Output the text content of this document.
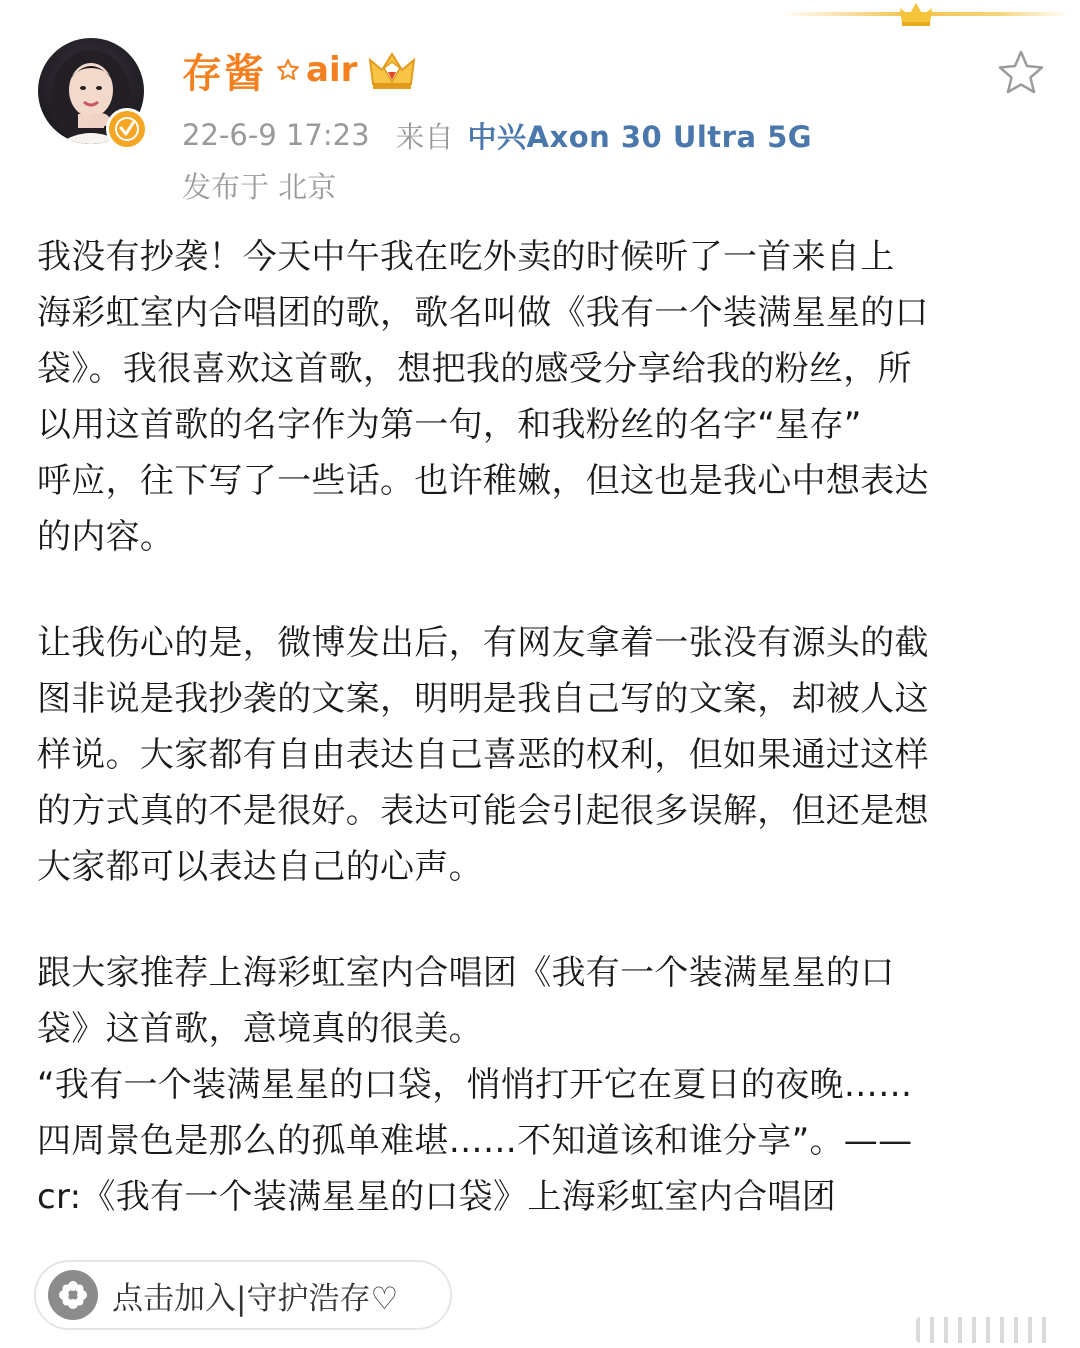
存酱 air
22-6-9 17:23 来自 中兴Axon 30 Ultra 5G
发布于 北京
我没有抄袭！今天中午我在吃外卖的时候听了一首来自上
海彩虹室内合唱团的歌，歌名叫做《我有一个装满星星的口
袋》。我很喜欢这首歌，想把我的感受分享给我的粉丝，所
以用这首歌的名字作为第一句，和我粉丝的名字“星存”
呼应，往下写了一些话。也许稚嫩，但这也是我心中想表达
的内容。
让我伤心的是，微博发出后，有网友拿着一张没有源头的截
图非说是我抄袭的文案，明明是我自己写的文案，却被人这
样说。大家都有自由表达自己喜恶的权利，但如果通过这样
的方式真的不是很好。表达可能会引起很多误解，但还是想
大家都可以表达自己的心声。
跟大家推荐上海彩虹室内合唱团《我有一个装满星星的口
袋》这首歌，意境真的很美。
“我有一个装满星星的口袋，悄悄打开它在夏日的夜晚……
四周景色是那么的孤单难堪……不知道该和谁分享”。——
cr:《我有一个装满星星的口袋》上海彩虹室内合唱团
点击加入|守护浩存♡
